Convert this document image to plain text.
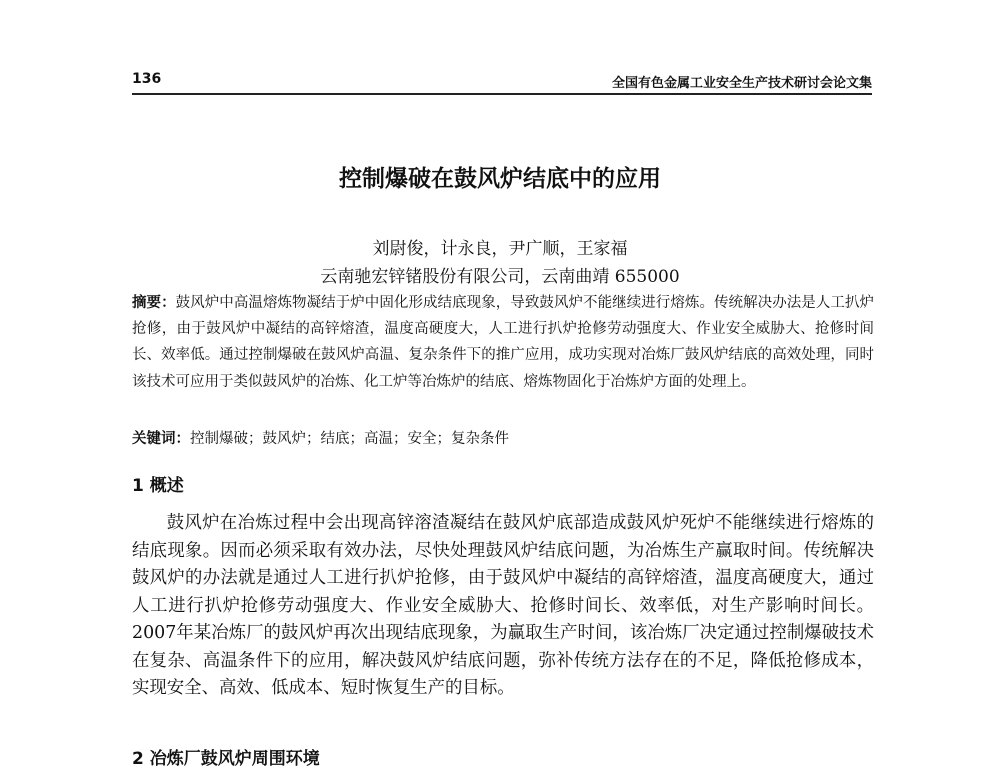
136	全国有色金属工业安全生产技术研讨会论文集
控制爆破在鼓风炉结底中的应用
刘尉俊，计永良，尹广顺，王家福
云南驰宏锌锗股份有限公司，云南曲靖 655000
摘要：鼓风炉中高温熔炼物凝结于炉中固化形成结底现象，导致鼓风炉不能继续进行熔炼。传统解决办法是人工扒炉抢修，由于鼓风炉中凝结的高锌熔渣，温度高硬度大，人工进行扒炉抢修劳动强度大、作业安全威胁大、抢修时间长、效率低。通过控制爆破在鼓风炉高温、复杂条件下的推广应用，成功实现对冶炼厂鼓风炉结底的高效处理，同时该技术可应用于类似鼓风炉的冶炼、化工炉等冶炼炉的结底、熔炼物固化于冶炼炉方面的处理上。
关键词：控制爆破；鼓风炉；结底；高温；安全；复杂条件
1 概述
鼓风炉在冶炼过程中会出现高锌溶渣凝结在鼓风炉底部造成鼓风炉死炉不能继续进行熔炼的结底现象。因而必须采取有效办法，尽快处理鼓风炉结底问题，为冶炼生产赢取时间。传统解决鼓风炉的办法就是通过人工进行扒炉抢修，由于鼓风炉中凝结的高锌熔渣，温度高硬度大，通过人工进行扒炉抢修劳动强度大、作业安全威胁大、抢修时间长、效率低，对生产影响时间长。2007年某冶炼厂的鼓风炉再次出现结底现象，为赢取生产时间，该冶炼厂决定通过控制爆破技术在复杂、高温条件下的应用，解决鼓风炉结底问题，弥补传统方法存在的不足，降低抢修成本，实现安全、高效、低成本、短时恢复生产的目标。
2 冶炼厂鼓风炉周围环境
